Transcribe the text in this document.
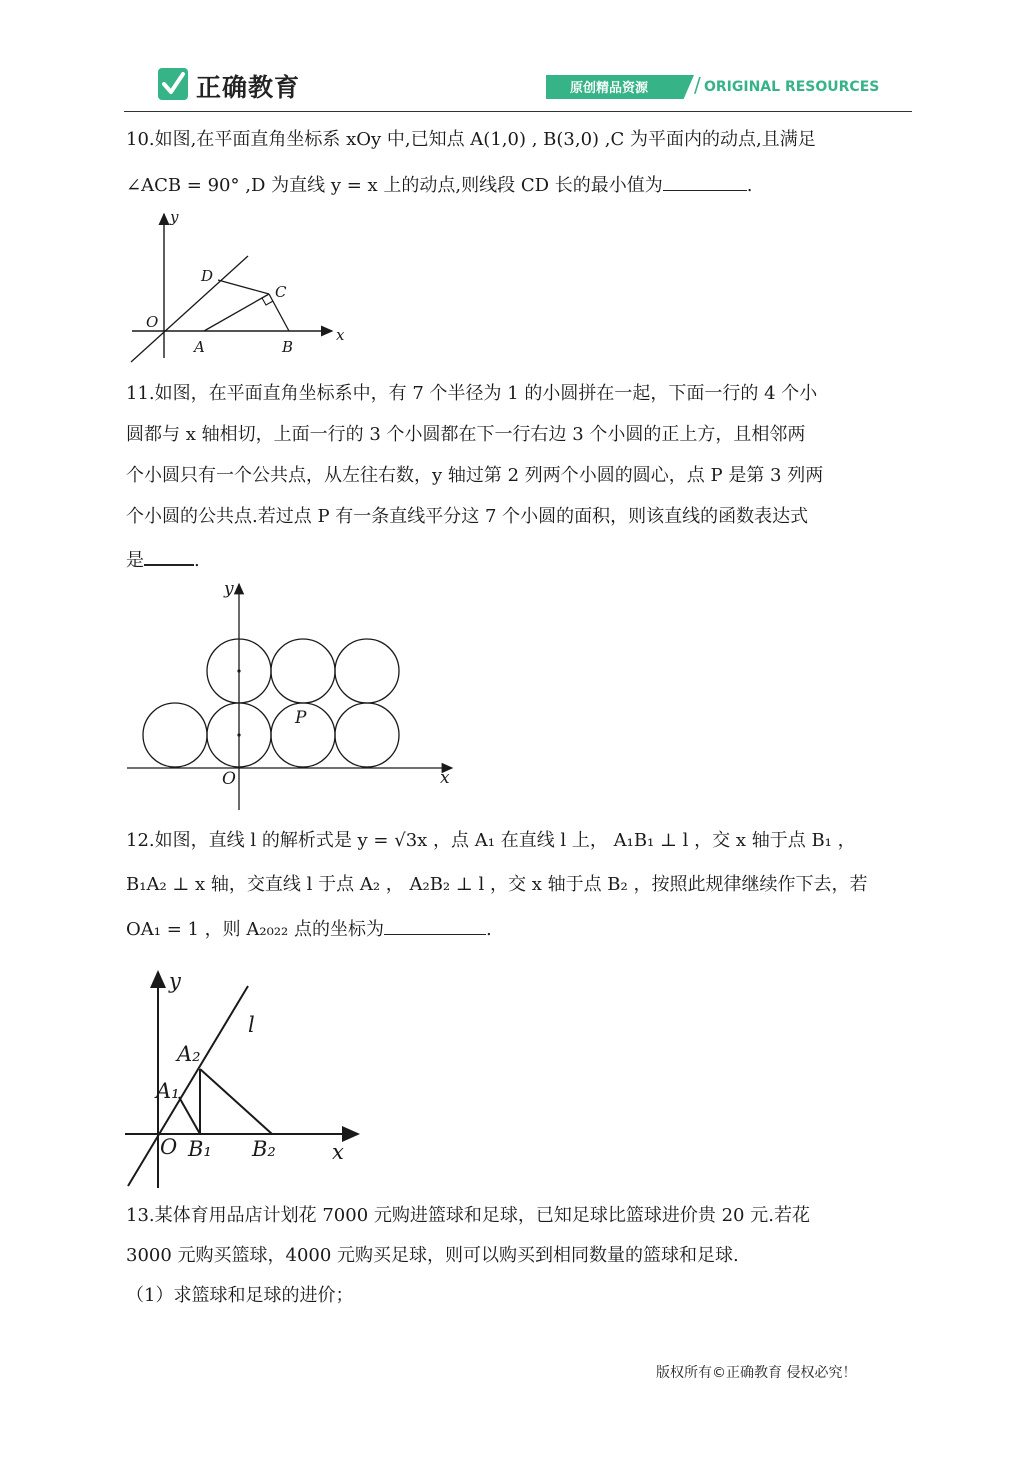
正确教育	原创精品资源 / ORIGINAL RESOURCES
10.如图,在平面直角坐标系 xOy 中,已知点 A(1,0) , B(3,0) ,C 为平面内的动点,且满足
∠ACB = 90° ,D 为直线 y = x 上的动点,则线段 CD 长的最小值为	.
y
x
O
D
C
A	B
11.如图，在平面直角坐标系中，有 7 个半径为 1 的小圆拼在一起，下面一行的 4 个小
圆都与 x 轴相切，上面一行的 3 个小圆都在下一行右边 3 个小圆的正上方，且相邻两
个小圆只有一个公共点，从左往右数，y 轴过第 2 列两个小圆的圆心，点 P 是第 3 列两
个小圆的公共点.若过点 P 有一条直线平分这 7 个小圆的面积，则该直线的函数表达式
是	.
y
x
O
P
12.如图，直线 l 的解析式是 y = √3x ，点 A₁ 在直线 l 上， A₁B₁ ⊥ l ，交 x 轴于点 B₁ ，
B₁A₂ ⊥ x 轴，交直线 l 于点 A₂ ， A₂B₂ ⊥ l ，交 x 轴于点 B₂ ，按照此规律继续作下去，若
OA₁ = 1 ，则 A₂₀₂₂ 点的坐标为	.
y
x
l
O
A₁
A₂
B₁ B₂
13.某体育用品店计划花 7000 元购进篮球和足球，已知足球比篮球进价贵 20 元.若花
3000 元购买篮球，4000 元购买足球，则可以购买到相同数量的篮球和足球.
（1）求篮球和足球的进价；
版权所有©正确教育 侵权必究！
